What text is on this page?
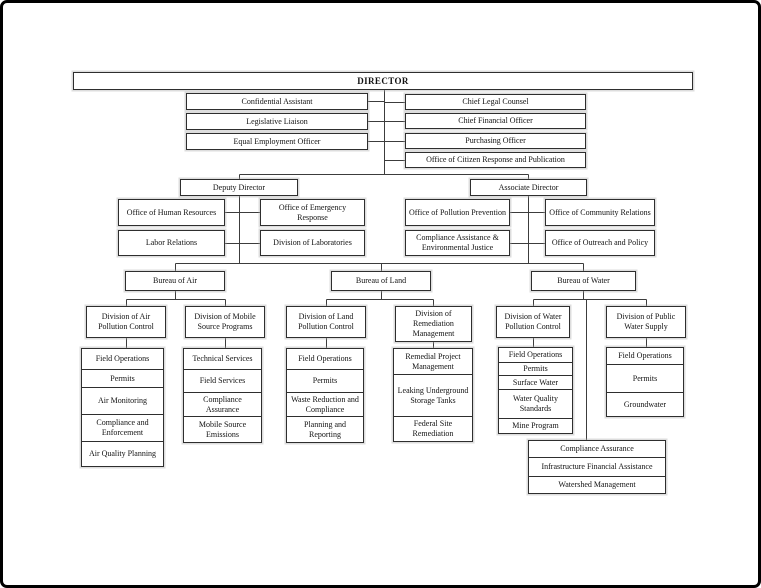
DIRECTOR
Confidential Assistant
Legislative Liaison
Equal Employment Officer
Chief Legal Counsel
Chief Financial Officer
Purchasing Officer
Office of Citizen Response and Publication
Deputy Director	Associate Director
Office of Human Resources
Office of Emergency Response
Labor Relations	Division of Laboratories
Office of Pollution Prevention	Office of Community Relations
Compliance Assistance & Environmental Justice
Office of Outreach and Policy
Bureau of Air	Bureau of Land	Bureau of Water
Division of Air Pollution Control
Division of Mobile Source Programs
Division of Land Pollution Control
Division of Remediation Management
Division of Water Pollution Control
Division of Public Water Supply
Field Operations
Permits
Air Monitoring
Compliance and Enforcement
Air Quality Planning
Technical Services
Field Services
Compliance Assurance
Mobile Source Emissions
Field Operations
Permits
Waste Reduction and Compliance
Planning and Reporting
Remedial Project Management
Leaking Underground Storage Tanks
Federal Site Remediation
Field Operations
Permits
Surface Water
Water Quality Standards
Mine Program
Field Operations
Permits
Groundwater
Compliance Assurance
Infrastructure Financial Assistance
Watershed Management
